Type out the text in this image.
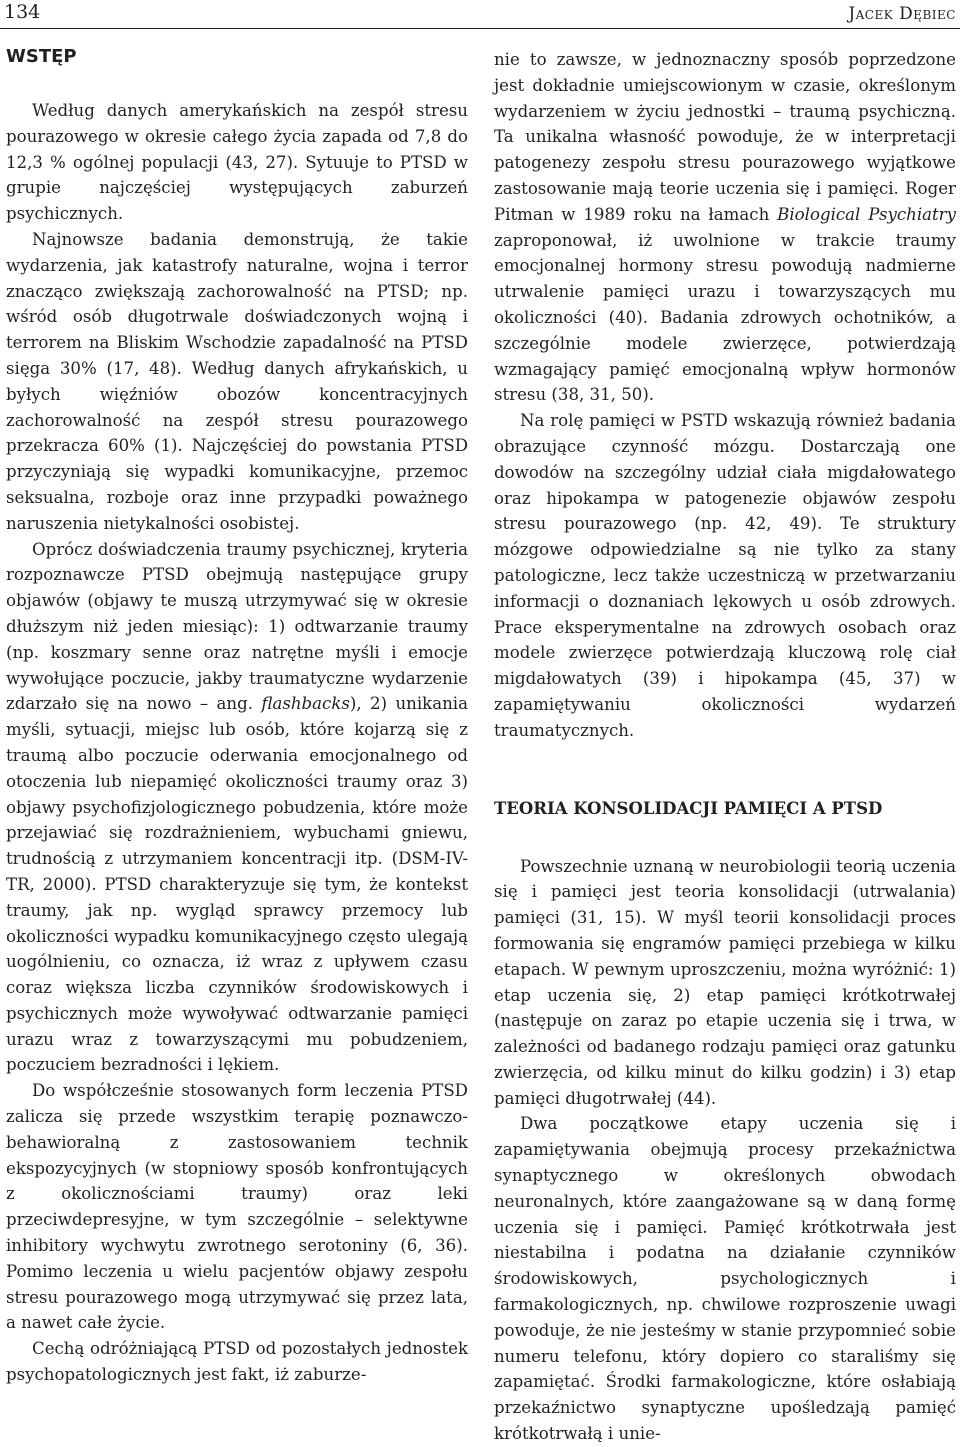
134	Jacek Dębiec
WSTĘP

Według danych amerykańskich na zespół stresu pourazowego w okresie całego życia zapada od 7,8 do 12,3 % ogólnej populacji (43, 27). Sytuuje to PTSD w grupie najczęściej występujących zaburzeń psychicznych.

Najnowsze badania demonstrują, że takie wydarzenia, jak katastrofy naturalne, wojna i terror znacząco zwiększają zachorowalność na PTSD; np. wśród osób długotrwale doświadczonych wojną i terrorem na Bliskim Wschodzie zapadalność na PTSD sięga 30% (17, 48). Według danych afrykańskich, u byłych więźniów obozów koncentracyjnych zachorowalność na zespół stresu pourazowego przekracza 60% (1). Najczęściej do powstania PTSD przyczyniają się wypadki komunikacyjne, przemoc seksualna, rozboje oraz inne przypadki poważnego naruszenia nietykalności osobistej.

Oprócz doświadczenia traumy psychicznej, kryteria rozpoznawcze PTSD obejmują następujące grupy objawów (objawy te muszą utrzymywać się w okresie dłuższym niż jeden miesiąc): 1) odtwarzanie traumy (np. koszmary senne oraz natrętne myśli i emocje wywołujące poczucie, jakby traumatyczne wydarzenie zdarzało się na nowo – ang. flashbacks), 2) unikania myśli, sytuacji, miejsc lub osób, które kojarzą się z traumą albo poczucie oderwania emocjonalnego od otoczenia lub niepamięć okoliczności traumy oraz 3) objawy psychofizjologicznego pobudzenia, które może przejawiać się rozdrażnieniem, wybuchami gniewu, trudnością z utrzymaniem koncentracji itp. (DSM-IV-TR, 2000). PTSD charakteryzuje się tym, że kontekst traumy, jak np. wygląd sprawcy przemocy lub okoliczności wypadku komunikacyjnego często ulegają uogólnieniu, co oznacza, iż wraz z upływem czasu coraz większa liczba czynników środowiskowych i psychicznych może wywoływać odtwarzanie pamięci urazu wraz z towarzyszącymi mu pobudzeniem, poczuciem bezradności i lękiem.

Do współcześnie stosowanych form leczenia PTSD zalicza się przede wszystkim terapię poznawczo-behawioralną z zastosowaniem technik ekspozycyjnych (w stopniowy sposób konfrontujących z okolicznościami traumy) oraz leki przeciwdepresyjne, w tym szczególnie – selektywne inhibitory wychwytu zwrotnego serotoniny (6, 36). Pomimo leczenia u wielu pacjentów objawy zespołu stresu pourazowego mogą utrzymywać się przez lata, a nawet całe życie.

Cechą odróżniającą PTSD od pozostałych jednostek psychopatologicznych jest fakt, iż zaburze-

nie to zawsze, w jednoznaczny sposób poprzedzone jest dokładnie umiejscowionym w czasie, określonym wydarzeniem w życiu jednostki – traumą psychiczną. Ta unikalna własność powoduje, że w interpretacji patogenezy zespołu stresu pourazowego wyjątkowe zastosowanie mają teorie uczenia się i pamięci. Roger Pitman w 1989 roku na łamach Biological Psychiatry zaproponował, iż uwolnione w trakcie traumy emocjonalnej hormony stresu powodują nadmierne utrwalenie pamięci urazu i towarzyszących mu okoliczności (40). Badania zdrowych ochotników, a szczególnie modele zwierzęce, potwierdzają wzmagający pamięć emocjonalną wpływ hormonów stresu (38, 31, 50).

Na rolę pamięci w PSTD wskazują również badania obrazujące czynność mózgu. Dostarczają one dowodów na szczególny udział ciała migdałowatego oraz hipokampa w patogenezie objawów zespołu stresu pourazowego (np. 42, 49). Te struktury mózgowe odpowiedzialne są nie tylko za stany patologiczne, lecz także uczestniczą w przetwarzaniu informacji o doznaniach lękowych u osób zdrowych. Prace eksperymentalne na zdrowych osobach oraz modele zwierzęce potwierdzają kluczową rolę ciał migdałowatych (39) i hipokampa (45, 37) w zapamiętywaniu okoliczności wydarzeń traumatycznych.

TEORIA KONSOLIDACJI PAMIĘCI A PTSD

Powszechnie uznaną w neurobiologii teorią uczenia się i pamięci jest teoria konsolidacji (utrwalania) pamięci (31, 15). W myśl teorii konsolidacji proces formowania się engramów pamięci przebiega w kilku etapach. W pewnym uproszczeniu, można wyróżnić: 1) etap uczenia się, 2) etap pamięci krótkotrwałej (następuje on zaraz po etapie uczenia się i trwa, w zależności od badanego rodzaju pamięci oraz gatunku zwierzęcia, od kilku minut do kilku godzin) i 3) etap pamięci długotrwałej (44).

Dwa początkowe etapy uczenia się i zapamiętywania obejmują procesy przekaźnictwa synaptycznego w określonych obwodach neuronalnych, które zaangażowane są w daną formę uczenia się i pamięci. Pamięć krótkotrwała jest niestabilna i podatna na działanie czynników środowiskowych, psychologicznych i farmakologicznych, np. chwilowe rozproszenie uwagi powoduje, że nie jesteśmy w stanie przypomnieć sobie numeru telefonu, który dopiero co staraliśmy się zapamiętać. Środki farmakologiczne, które osłabiają przekaźnictwo synaptyczne upośledzają pamięć krótkotrwałą i unie-
